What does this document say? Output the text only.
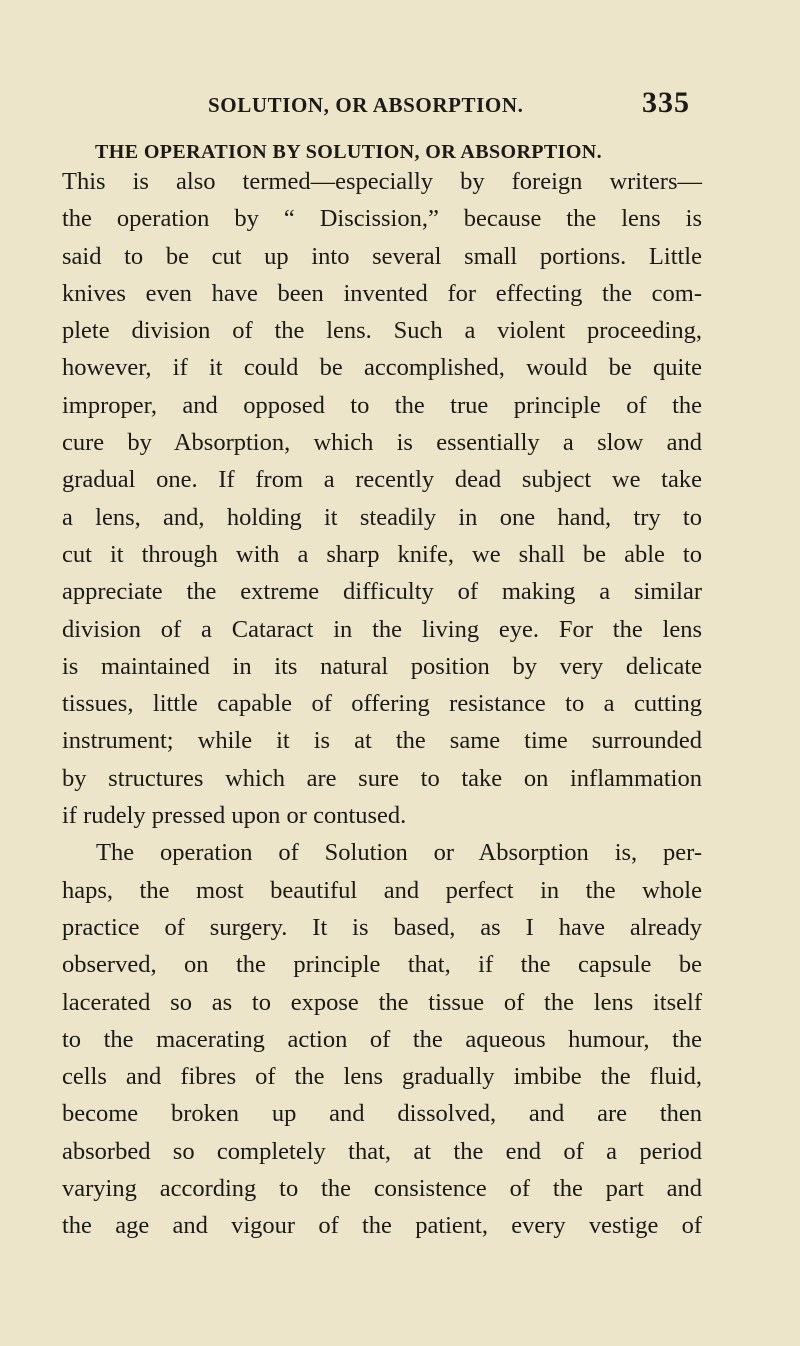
SOLUTION, OR ABSORPTION.	335
THE OPERATION BY SOLUTION, OR ABSORPTION.
This is also termed—especially by foreign writers—
the operation by “ Discission,” because the lens is
said to be cut up into several small portions. Little
knives even have been invented for effecting the com-
plete division of the lens. Such a violent proceeding,
however, if it could be accomplished, would be quite
improper, and opposed to the true principle of the
cure by Absorption, which is essentially a slow and
gradual one. If from a recently dead subject we take
a lens, and, holding it steadily in one hand, try to
cut it through with a sharp knife, we shall be able to
appreciate the extreme difficulty of making a similar
division of a Cataract in the living eye. For the lens
is maintained in its natural position by very delicate
tissues, little capable of offering resistance to a cutting
instrument; while it is at the same time surrounded
by structures which are sure to take on inflammation
if rudely pressed upon or contused.
The operation of Solution or Absorption is, per-
haps, the most beautiful and perfect in the whole
practice of surgery. It is based, as I have already
observed, on the principle that, if the capsule be
lacerated so as to expose the tissue of the lens itself
to the macerating action of the aqueous humour, the
cells and fibres of the lens gradually imbibe the fluid,
become broken up and dissolved, and are then
absorbed so completely that, at the end of a period
varying according to the consistence of the part and
the age and vigour of the patient, every vestige of
